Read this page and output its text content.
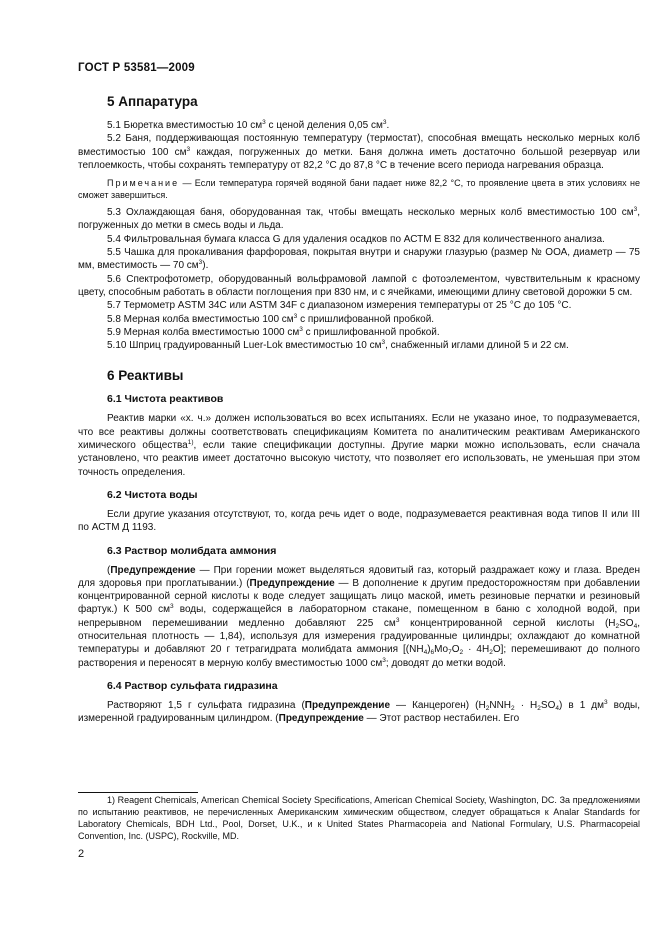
ГОСТ Р 53581—2009
5 Аппаратура

5.1 Бюретка вместимостью 10 $см^3$ с ценой деления 0,05 $см^3$.

5.2 Баня, поддерживающая постоянную температуру (термостат), способная вмещать несколько мерных колб вместимостью 100 $см^3$ каждая, погруженных до метки. Баня должна иметь достаточно большой резервуар или теплоемкость, чтобы сохранять температуру от 82,2 °С до 87,8 °С в течение всего периода нагревания образца.

Примечание — Если температура горячей водяной бани падает ниже 82,2 °С, то проявление цвета в этих условиях не сможет завершиться.

5.3 Охлаждающая баня, оборудованная так, чтобы вмещать несколько мерных колб вместимостью 100 $см^3$, погруженных до метки в смесь воды и льда.

5.4 Фильтровальная бумага класса G для удаления осадков по АСТМ Е 832 для количественного анализа.

5.5 Чашка для прокаливания фарфоровая, покрытая внутри и снаружи глазурью (размер № ООА, диаметр — 75 мм, вместимость — 70 $см^3$).

5.6 Спектрофотометр, оборудованный вольфрамовой лампой с фотоэлементом, чувствительным к красному цвету, способным работать в области поглощения при 830 нм, и с ячейками, имеющими длину световой дорожки 5 см.

5.7 Термометр ASTM 34C или ASTM 34F с диапазоном измерения температуры от 25 °С до 105 °С.

5.8 Мерная колба вместимостью 100 $см^3$ с пришлифованной пробкой.

5.9 Мерная колба вместимостью 1000 $см^3$ с пришлифованной пробкой.

5.10 Шприц градуированный Luer-Lok вместимостью 10 $см^3$, снабженный иглами длиной 5 и 22 см.

6 Реактивы
6.1 Чистота реактивов

Реактив марки «х. ч.» должен использоваться во всех испытаниях. Если не указано иное, то подразумевается, что все реактивы должны соответствовать спецификациям Комитета по аналитическим реактивам Американского химического общества$^{1)}$, если такие спецификации доступны. Другие марки можно использовать, если сначала установлено, что реактив имеет достаточно высокую чистоту, что позволяет его использовать, не уменьшая при этом точность определения.

6.2 Чистота воды

Если другие указания отсутствуют, то, когда речь идет о воде, подразумевается реактивная вода типов II или III по АСТМ Д 1193.

6.3 Раствор молибдата аммония

(Предупреждение — При горении может выделяться ядовитый газ, который раздражает кожу и глаза. Вреден для здоровья при проглатывании.) (Предупреждение — В дополнение к другим предосторожностям при добавлении концентрированной серной кислоты к воде следует защищать лицо маской, иметь резиновые перчатки и резиновый фартук.) К 500 $см^3$ воды, содержащейся в лабораторном стакане, помещенном в баню с холодной водой, при непрерывном перемешивании медленно добавляют 225 $см^3$ концентрированной серной кислоты ($H_2SO_4$, относительная плотность — 1,84), используя для измерения градуированные цилиндры; охлаждают до комнатной температуры и добавляют 20 г тетрагидрата молибдата аммония $[(NH_4)_6Mo_7O_2 \cdot 4H_2O]$; перемешивают до полного растворения и переносят в мерную колбу вместимостью 1000 $см^3$; доводят до метки водой.

6.4 Раствор сульфата гидразина

Растворяют 1,5 г сульфата гидразина (Предупреждение — Канцероген) $(H_2NNH_2 \cdot H_2SO_4)$ в 1 $дм^3$ воды, измеренной градуированным цилиндром. (Предупреждение — Этот раствор нестабилен. Его

1) Reagent Chemicals, American Chemical Society Specifications, American Chemical Society, Washington, DC. За предложениями по испытанию реактивов, не перечисленных Американским химическим обществом, следует обращаться к Analar Standards for Laboratory Chemicals, BDH Ltd., Pool, Dorset, U.K., и к United States Pharmacopeia and National Formulary, U.S. Pharmacopeial Convention, Inc. (USPC), Rockville, MD.

2
